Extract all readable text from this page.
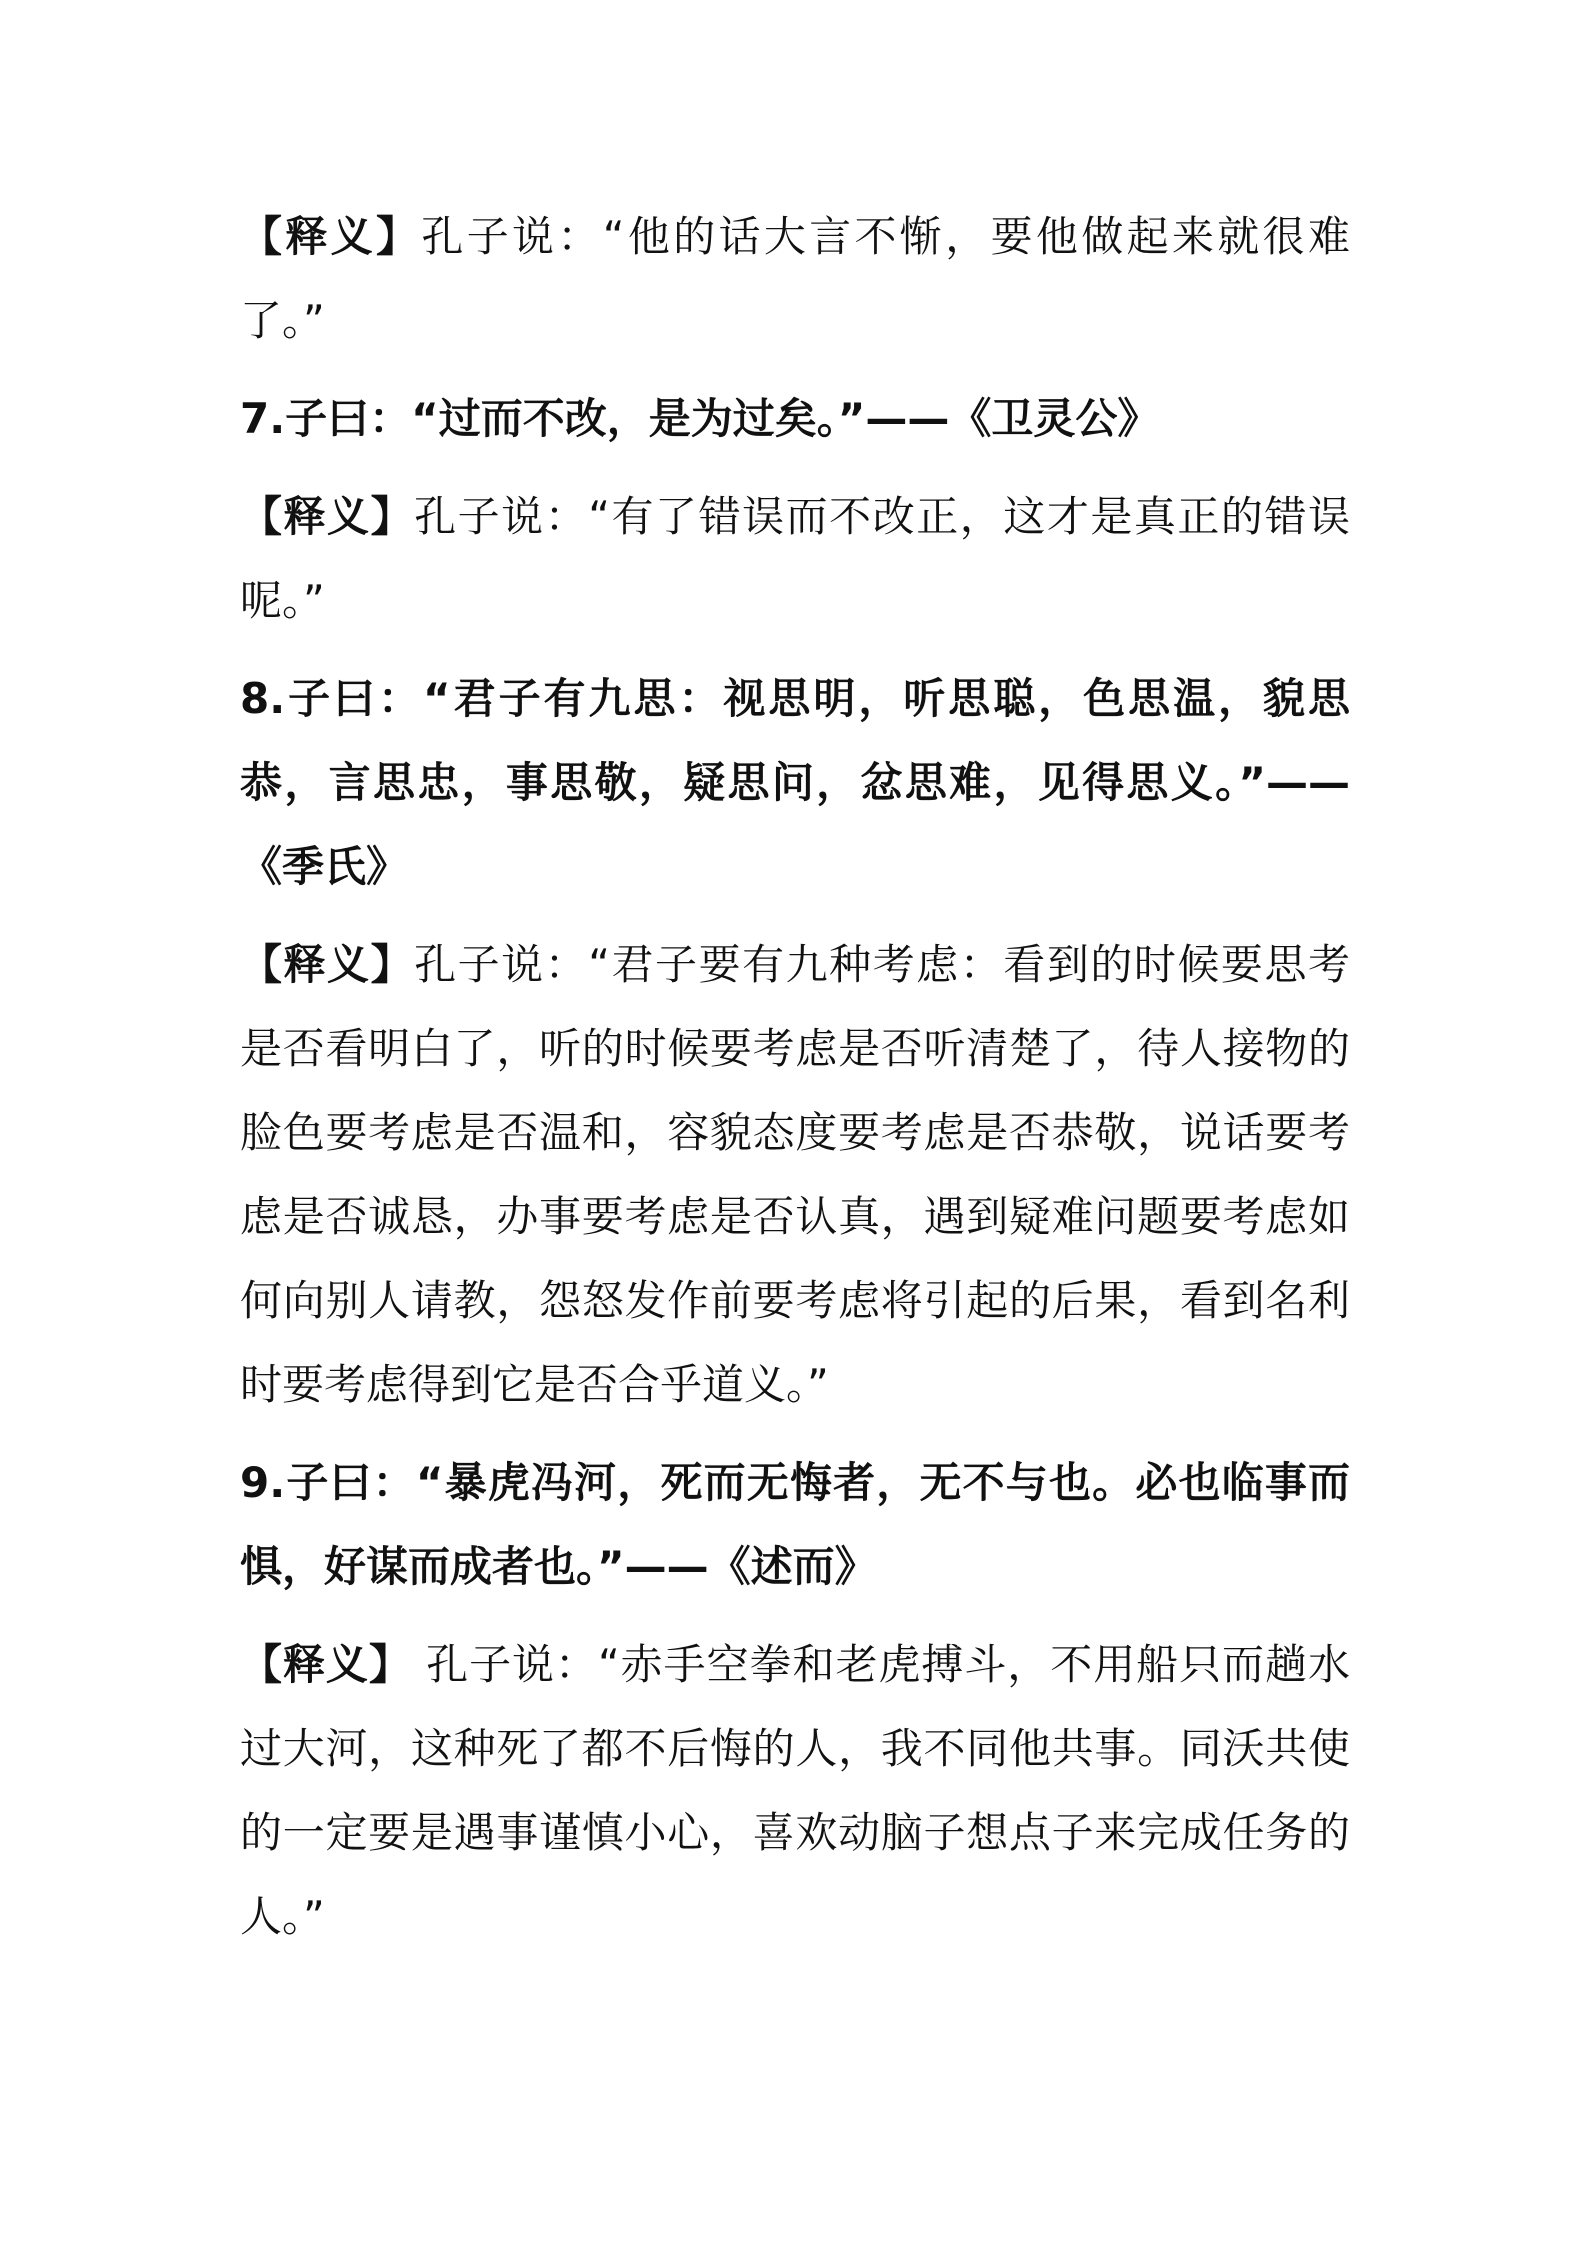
【释义】孔子说：“他的话大言不惭，要他做起来就很难了。”

7.子曰：“过而不改，是为过矣。”——《卫灵公》

【释义】孔子说：“有了错误而不改正，这才是真正的错误呢。”

8.子曰：“君子有九思：视思明，听思聪，色思温，貌思恭，言思忠，事思敬，疑思问，忿思难，见得思义。”——《季氏》

【释义】孔子说：“君子要有九种考虑：看到的时候要思考是否看明白了，听的时候要考虑是否听清楚了，待人接物的脸色要考虑是否温和，容貌态度要考虑是否恭敬，说话要考虑是否诚恳，办事要考虑是否认真，遇到疑难问题要考虑如何向别人请教，怨怒发作前要考虑将引起的后果，看到名利时要考虑得到它是否合乎道义。”

9.子曰：“暴虎冯河，死而无悔者，无不与也。必也临事而惧，好谋而成者也。”——《述而》

【释义】 孔子说：“赤手空拳和老虎搏斗，不用船只而趟水过大河，这种死了都不后悔的人，我不同他共事。同沃共使的一定要是遇事谨慎小心，喜欢动脑子想点子来完成任务的人。”
